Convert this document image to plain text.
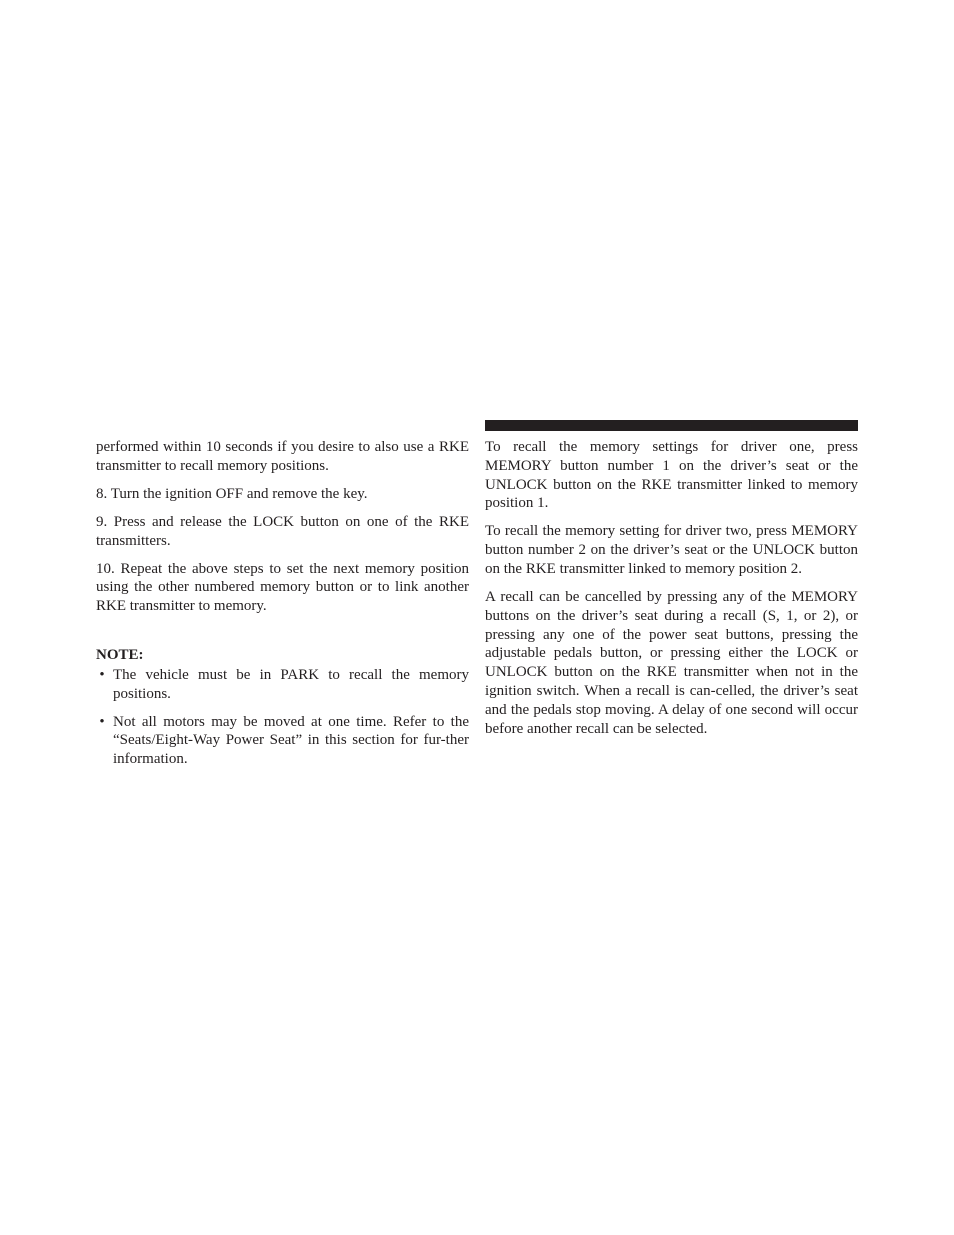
performed within 10 seconds if you desire to also use a RKE transmitter to recall memory positions.

8. Turn the ignition OFF and remove the key.

9. Press and release the LOCK button on one of the RKE transmitters.

10. Repeat the above steps to set the next memory position using the other numbered memory button or to link another RKE transmitter to memory.

NOTE:
• The vehicle must be in PARK to recall the memory positions.
• Not all motors may be moved at one time. Refer to the “Seats/Eight-Way Power Seat” in this section for fur-ther information.

To recall the memory settings for driver one, press MEMORY button number 1 on the driver’s seat or the UNLOCK button on the RKE transmitter linked to memory position 1.

To recall the memory setting for driver two, press MEMORY button number 2 on the driver’s seat or the UNLOCK button on the RKE transmitter linked to memory position 2.

A recall can be cancelled by pressing any of the MEMORY buttons on the driver’s seat during a recall (S, 1, or 2), or pressing any one of the power seat buttons, pressing the adjustable pedals button, or pressing either the LOCK or UNLOCK button on the RKE transmitter when not in the ignition switch. When a recall is can-celled, the driver’s seat and the pedals stop moving. A delay of one second will occur before another recall can be selected.
